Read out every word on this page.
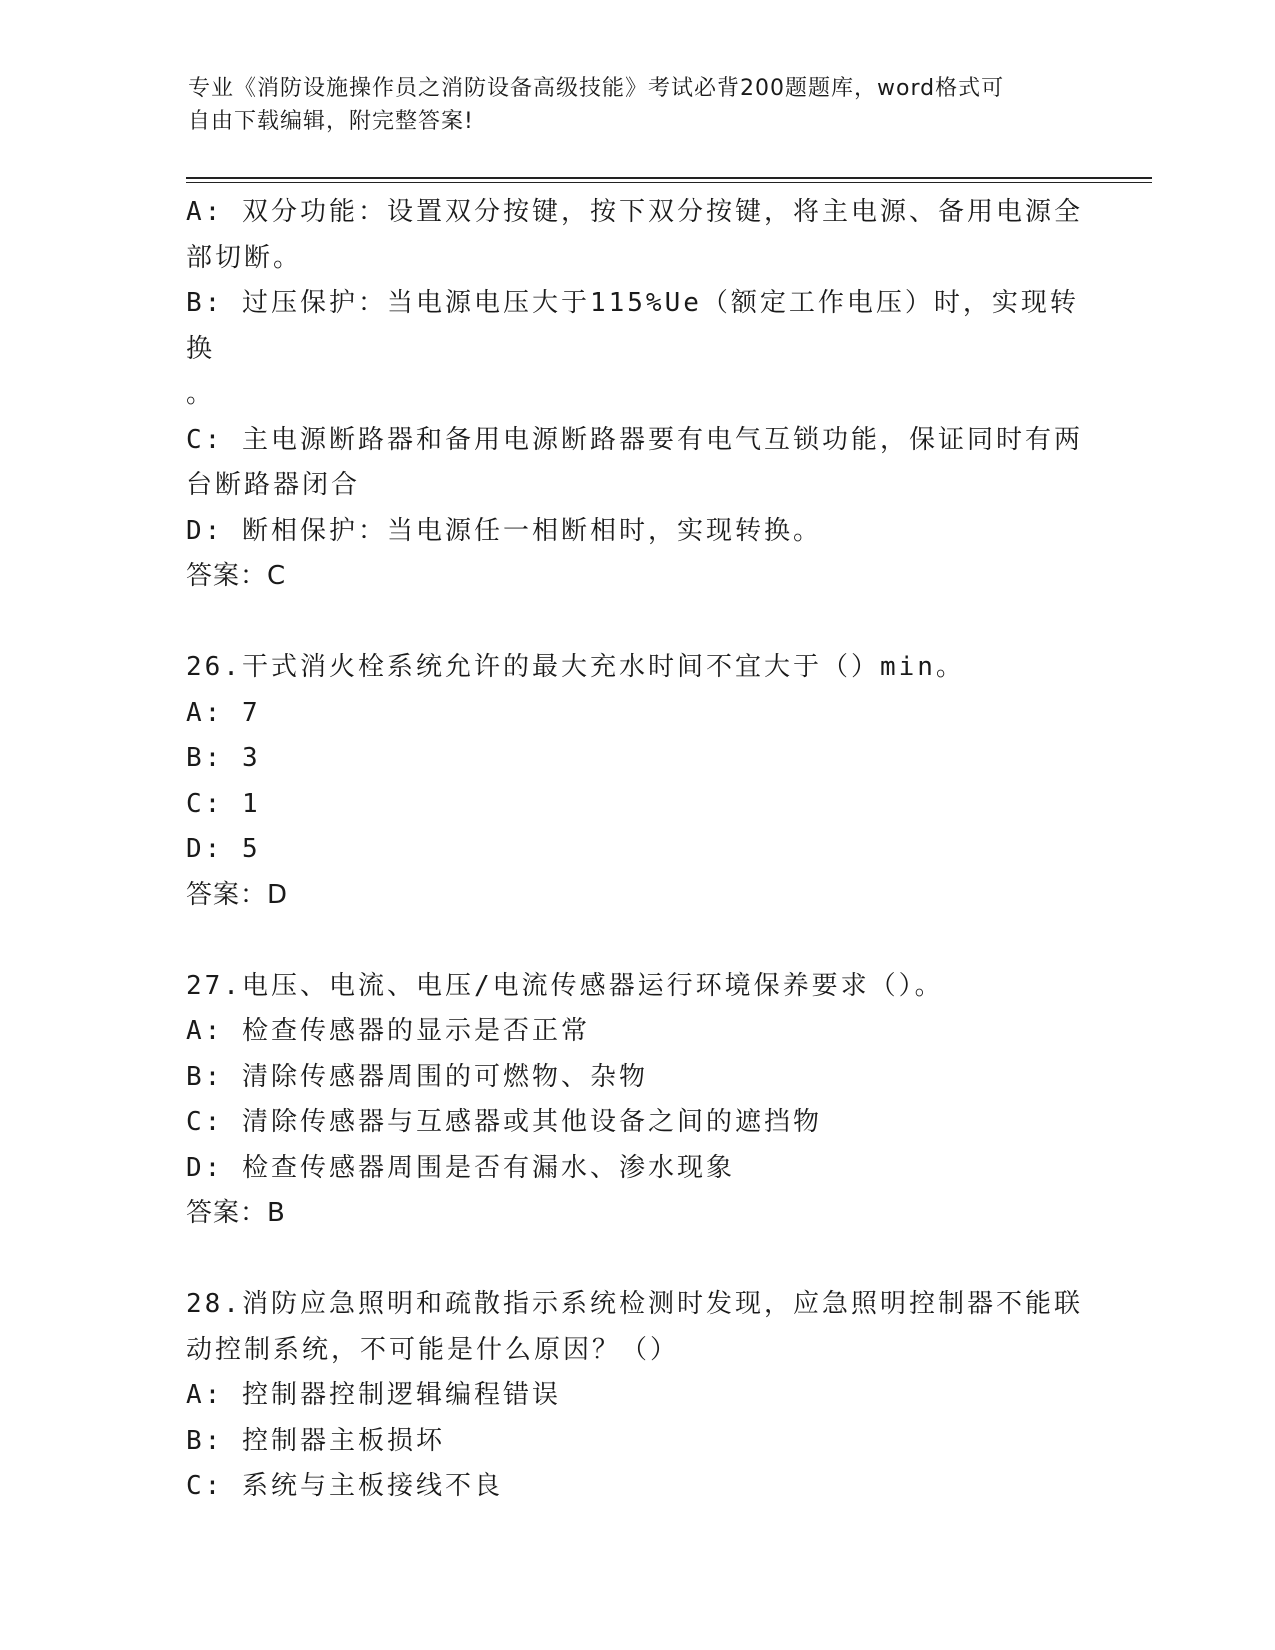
专业《消防设施操作员之消防设备高级技能》考试必背200题题库，word格式可
自由下载编辑，附完整答案!

A: 双分功能：设置双分按键，按下双分按键，将主电源、备用电源全

部切断。

B: 过压保护：当电源电压大于115%Ue（额定工作电压）时，实现转换

。

C: 主电源断路器和备用电源断路器要有电气互锁功能，保证同时有两

台断路器闭合

D: 断相保护：当电源任一相断相时，实现转换。

答案：C

26.干式消火栓系统允许的最大充水时间不宜大于（）min。

A: 7

B: 3

C: 1

D: 5

答案：D

27.电压、电流、电压/电流传感器运行环境保养要求（）。

A: 检查传感器的显示是否正常

B: 清除传感器周围的可燃物、杂物

C: 清除传感器与互感器或其他设备之间的遮挡物

D: 检查传感器周围是否有漏水、渗水现象

答案：B

28.消防应急照明和疏散指示系统检测时发现，应急照明控制器不能联

动控制系统，不可能是什么原因？（）

A: 控制器控制逻辑编程错误

B: 控制器主板损坏

C: 系统与主板接线不良
